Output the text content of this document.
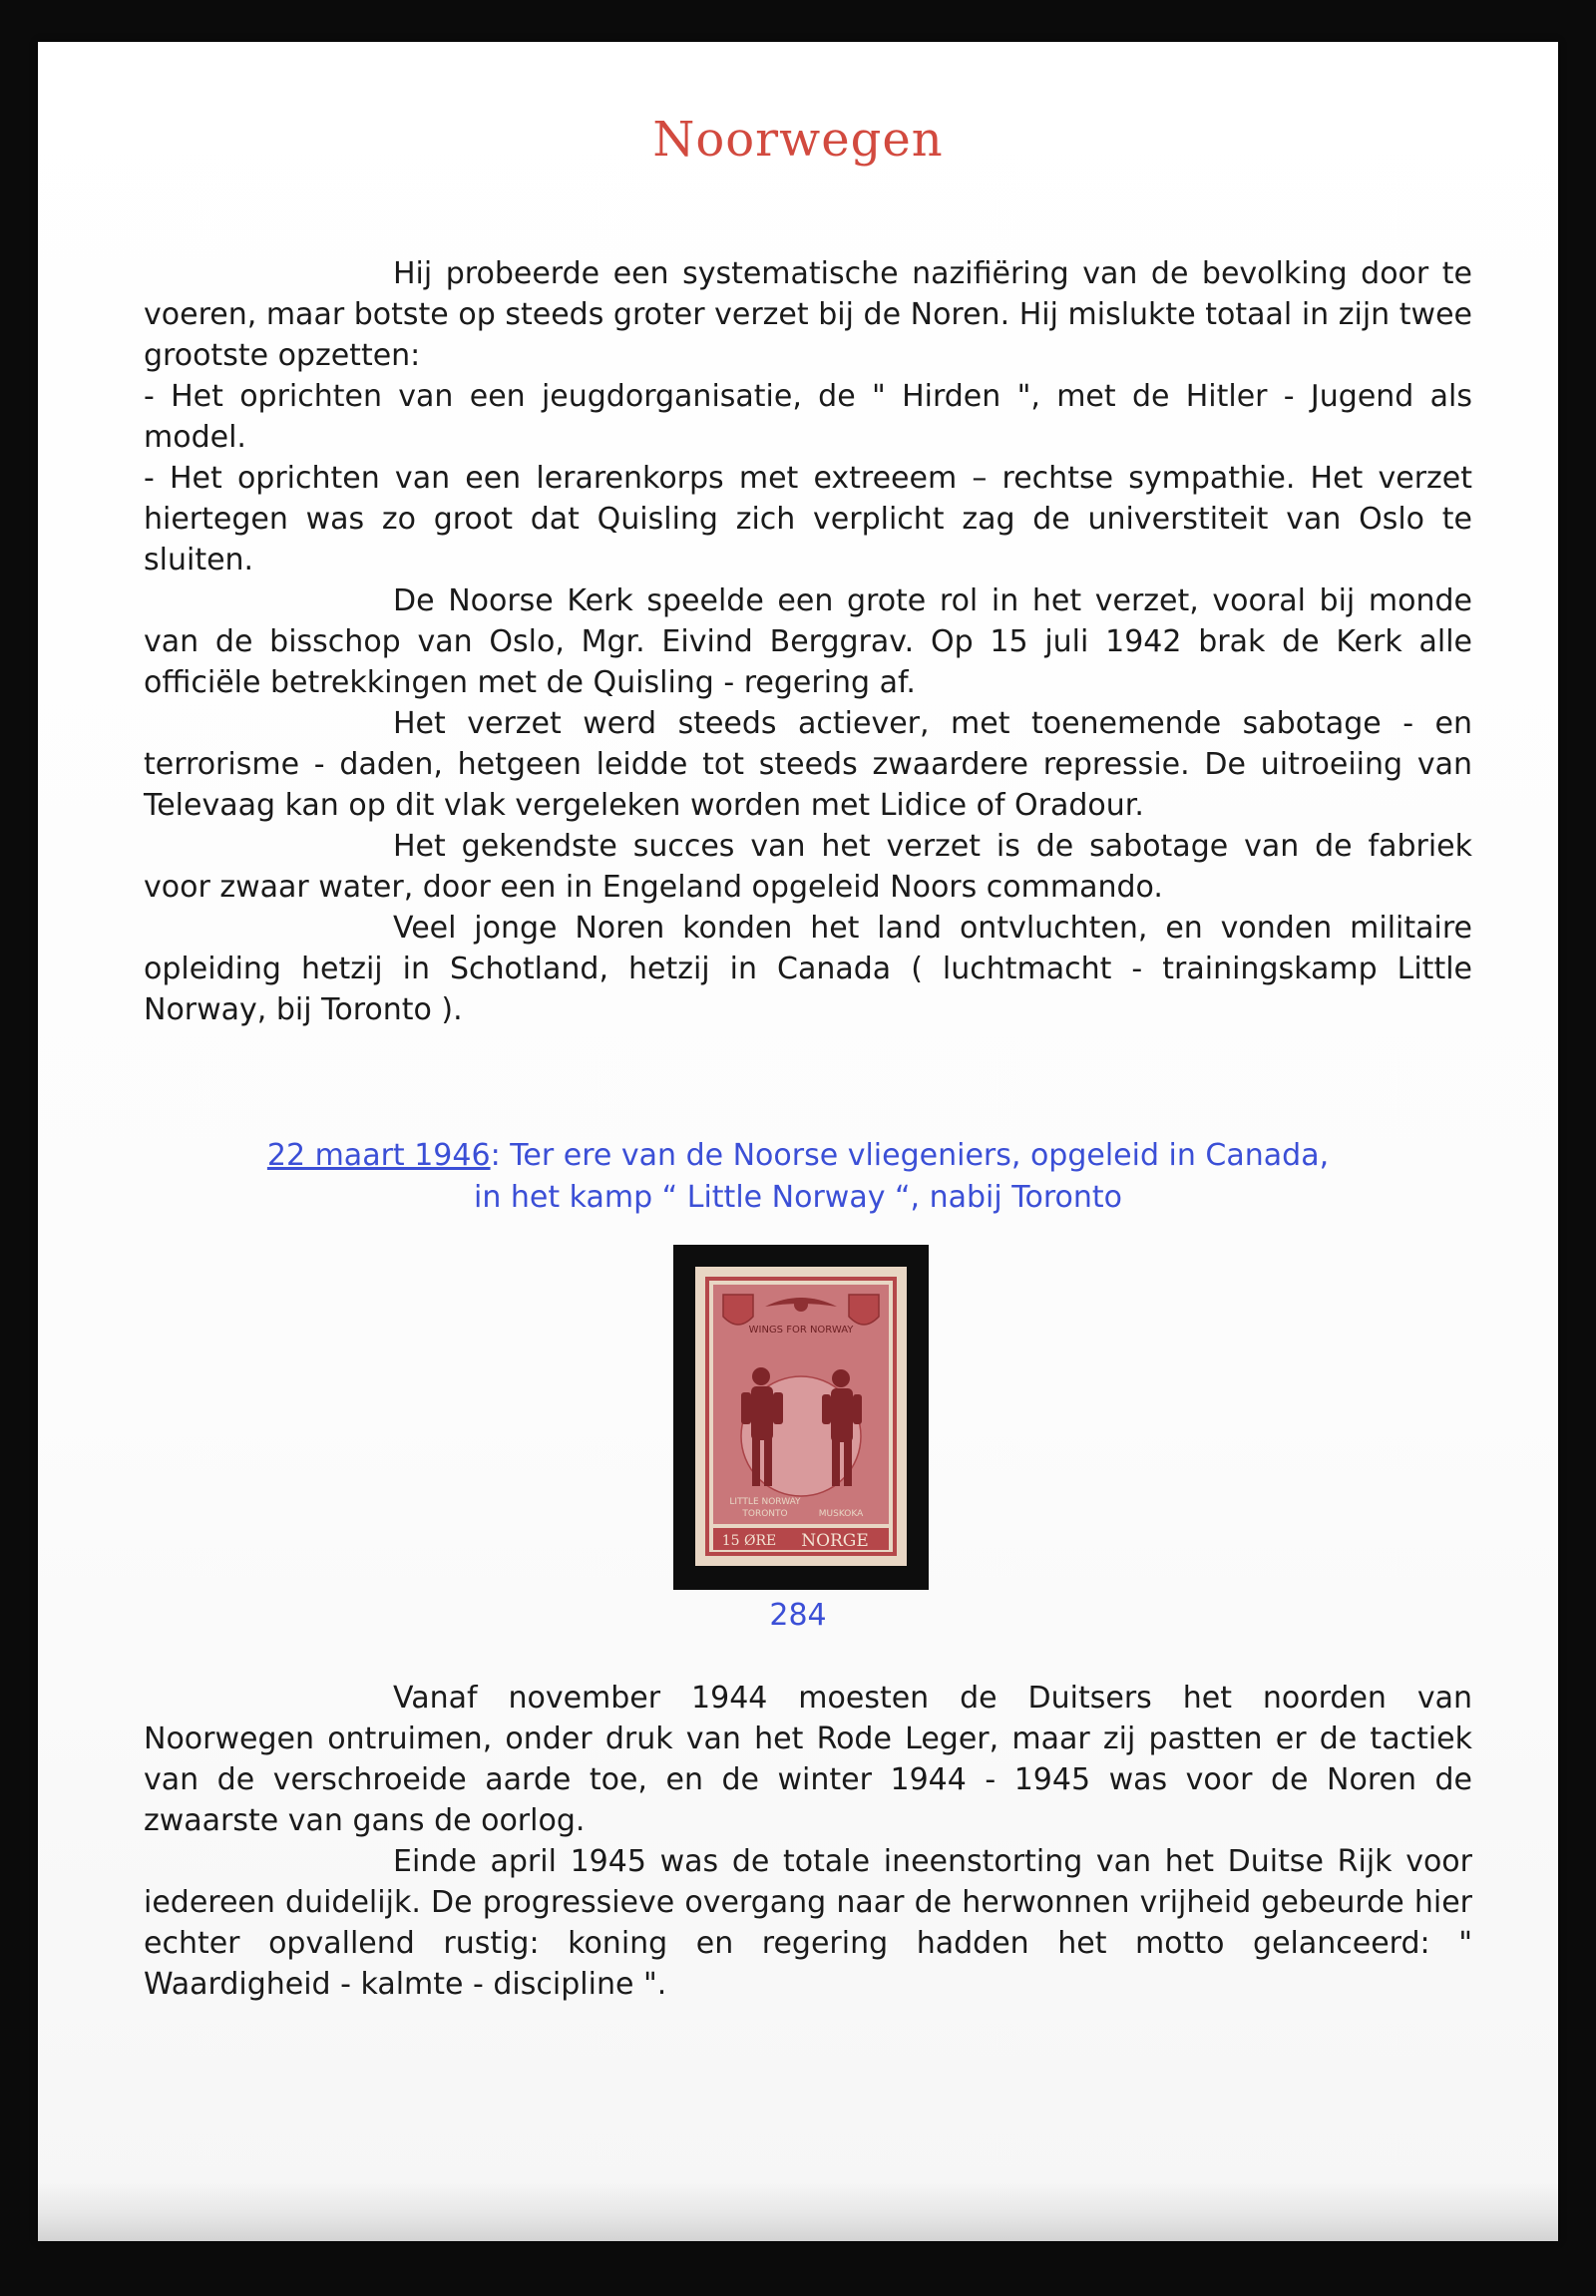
Noorwegen

Hij probeerde een systematische nazifiëring van de bevolking door te voeren, maar botste op steeds groter verzet bij de Noren. Hij mislukte totaal in zijn twee grootste opzetten:

- Het oprichten van een jeugdorganisatie, de " Hirden ", met de Hitler - Jugend als model.

- Het oprichten van een lerarenkorps met extreeem – rechtse sympathie. Het verzet hiertegen was zo groot dat Quisling zich verplicht zag de universtiteit van Oslo te sluiten.

De Noorse Kerk speelde een grote rol in het verzet, vooral bij monde van de bisschop van Oslo, Mgr. Eivind Berggrav. Op 15 juli 1942 brak de Kerk alle officiële betrekkingen met de Quisling - regering af.

Het verzet werd steeds actiever, met toenemende sabotage - en terrorisme - daden, hetgeen leidde tot steeds zwaardere repressie. De uitroeiing van Televaag kan op dit vlak vergeleken worden met Lidice of Oradour.

Het gekendste succes van het verzet is de sabotage van de fabriek voor zwaar water, door een in Engeland opgeleid Noors commando.

Veel jonge Noren konden het land ontvluchten, en vonden militaire opleiding hetzij in Schotland, hetzij in Canada ( luchtmacht - trainingskamp Little Norway, bij Toronto ).

22 maart 1946: Ter ere van de Noorse vliegeniers, opgeleid in Canada,
in het kamp “ Little Norway “, nabij Toronto
WINGS FOR NORWAY
LITTLE NORWAY
TORONTO	MUSKOKA
15 ØRE NORGE
284

Vanaf november 1944 moesten de Duitsers het noorden van Noorwegen ontruimen, onder druk van het Rode Leger, maar zij pastten er de tactiek van de verschroeide aarde toe, en de winter 1944 - 1945 was voor de Noren de zwaarste van gans de oorlog.

Einde april 1945 was de totale ineenstorting van het Duitse Rijk voor iedereen duidelijk. De progressieve overgang naar de herwonnen vrijheid gebeurde hier echter opvallend rustig: koning en regering hadden het motto gelanceerd: " Waardigheid - kalmte - discipline ".
